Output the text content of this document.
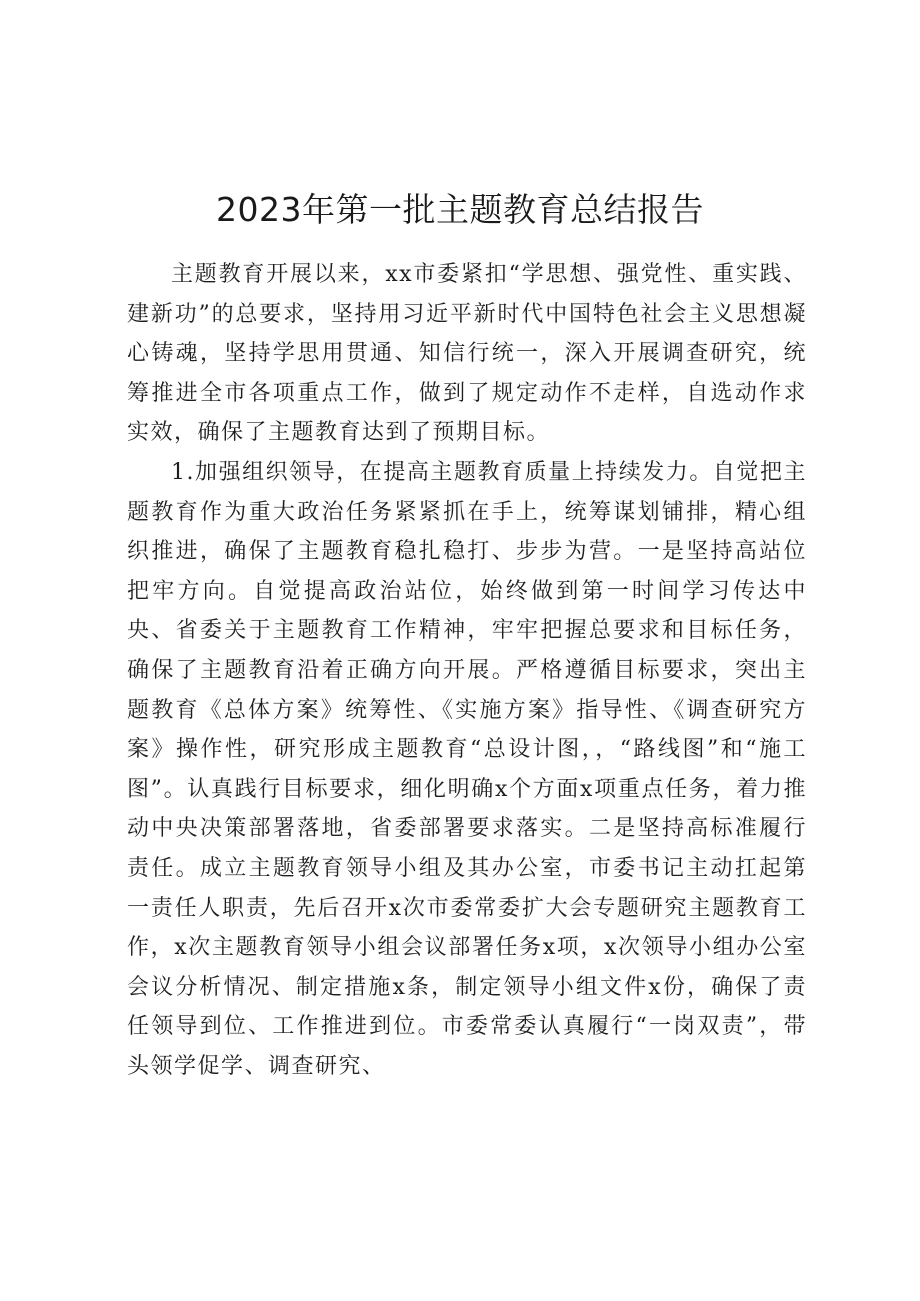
2023年第一批主题教育总结报告

主题教育开展以来，xx市委紧扣“学思想、强党性、重实践、建新功”的总要求，坚持用习近平新时代中国特色社会主义思想凝心铸魂，坚持学思用贯通、知信行统一，深入开展调查研究，统筹推进全市各项重点工作，做到了规定动作不走样，自选动作求实效，确保了主题教育达到了预期目标。

1.加强组织领导，在提高主题教育质量上持续发力。自觉把主题教育作为重大政治任务紧紧抓在手上，统筹谋划铺排，精心组织推进，确保了主题教育稳扎稳打、步步为营。一是坚持高站位把牢方向。自觉提高政治站位，始终做到第一时间学习传达中央、省委关于主题教育工作精神，牢牢把握总要求和目标任务，确保了主题教育沿着正确方向开展。严格遵循目标要求，突出主题教育《总体方案》统筹性、《实施方案》指导性、《调查研究方案》操作性，研究形成主题教育“总设计图，，“路线图”和“施工图”。认真践行目标要求，细化明确x个方面x项重点任务，着力推动中央决策部署落地，省委部署要求落实。二是坚持高标准履行责任。成立主题教育领导小组及其办公室，市委书记主动扛起第一责任人职责，先后召开x次市委常委扩大会专题研究主题教育工作，x次主题教育领导小组会议部署任务x项，x次领导小组办公室会议分析情况、制定措施x条，制定领导小组文件x份，确保了责任领导到位、工作推进到位。市委常委认真履行“一岗双责”，带头领学促学、调查研究、
